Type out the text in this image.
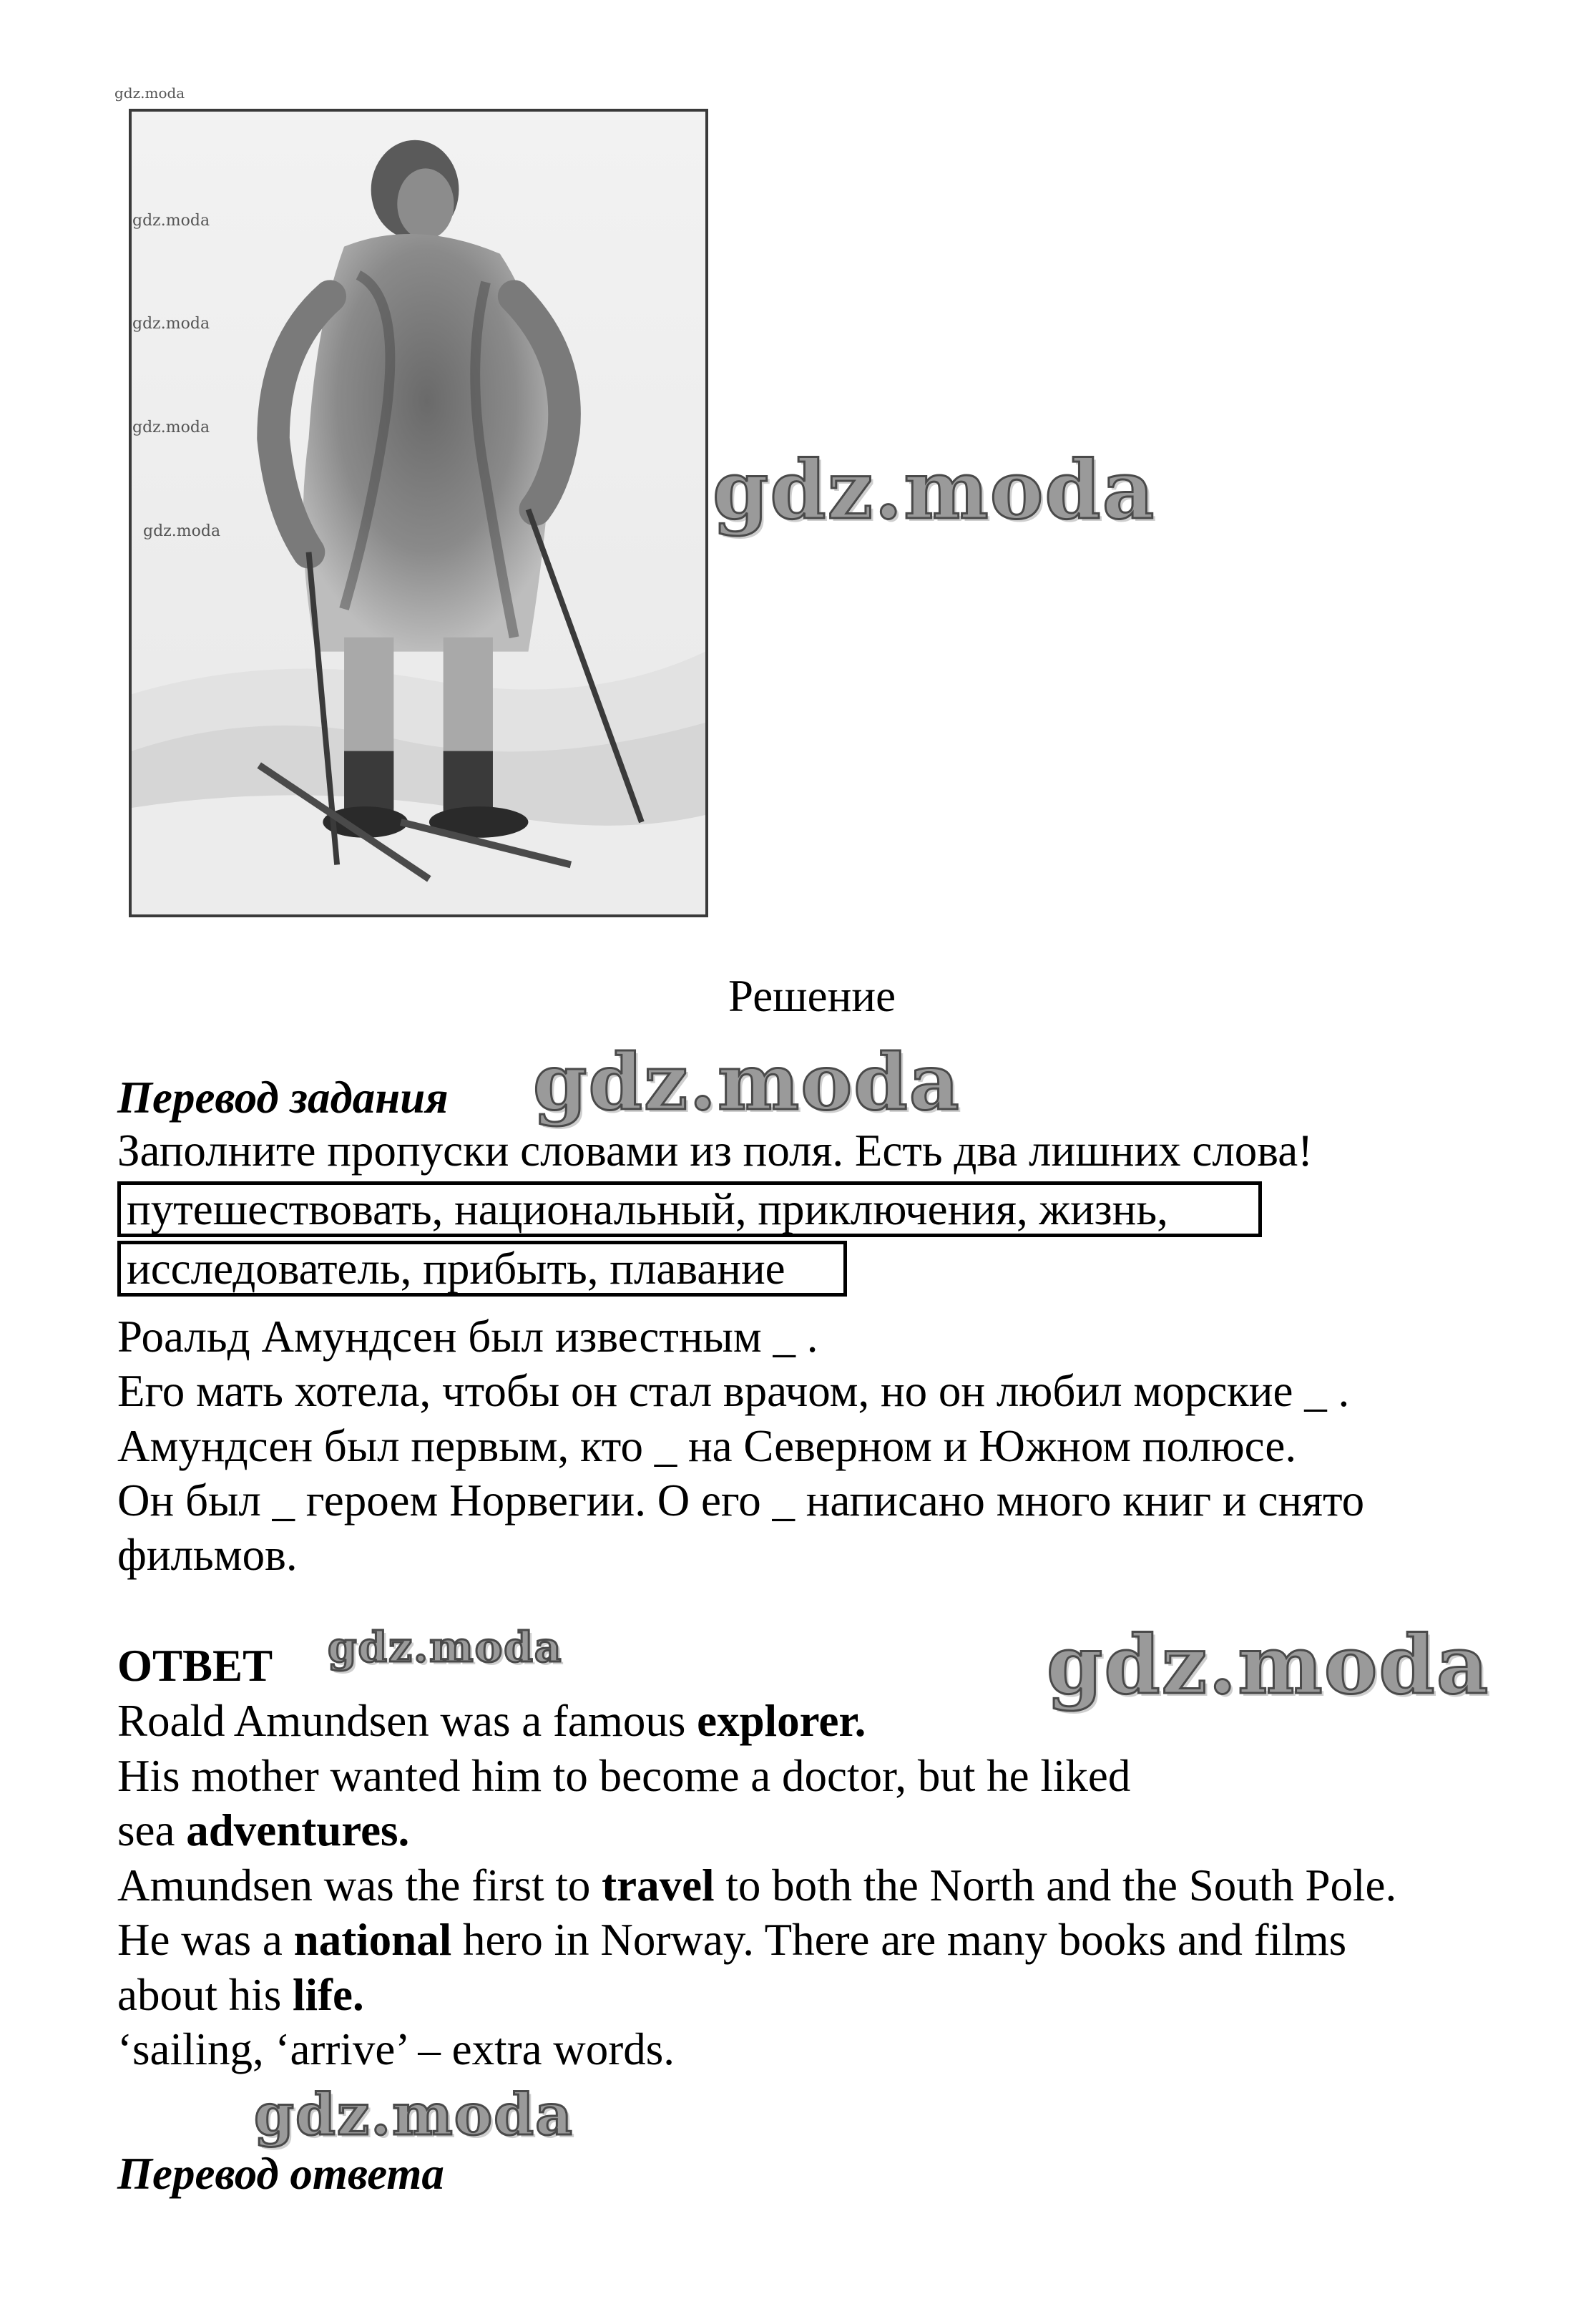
gdz.moda
gdz.moda
gdz.moda
gdz.moda
gdz.moda	gdz.moda
gdz.moda
gdz.moda	gdz.moda
gdz.moda
Решение
Перевод задания
Заполните пропуски словами из поля. Есть два лишних слова!
путешествовать, национальный, приключения, жизнь,
исследователь, прибыть, плавание
Роальд Амундсен был известным _ .
Его мать хотела, чтобы он стал врачом, но он любил морские _ .
Амундсен был первым, кто _ на Северном и Южном полюсе.
Он был _ героем Норвегии. О его _ написано много книг и снято
фильмов.
ОТВЕТ
Roald Amundsen was a famous explorer.
His mother wanted him to become a doctor, but he liked
sea adventures.
Amundsen was the first to travel to both the North and the South Pole.
He was a national hero in Norway. There are many books and films
about his life.
‘sailing, ‘arrive’ – extra words.
Перевод ответа
